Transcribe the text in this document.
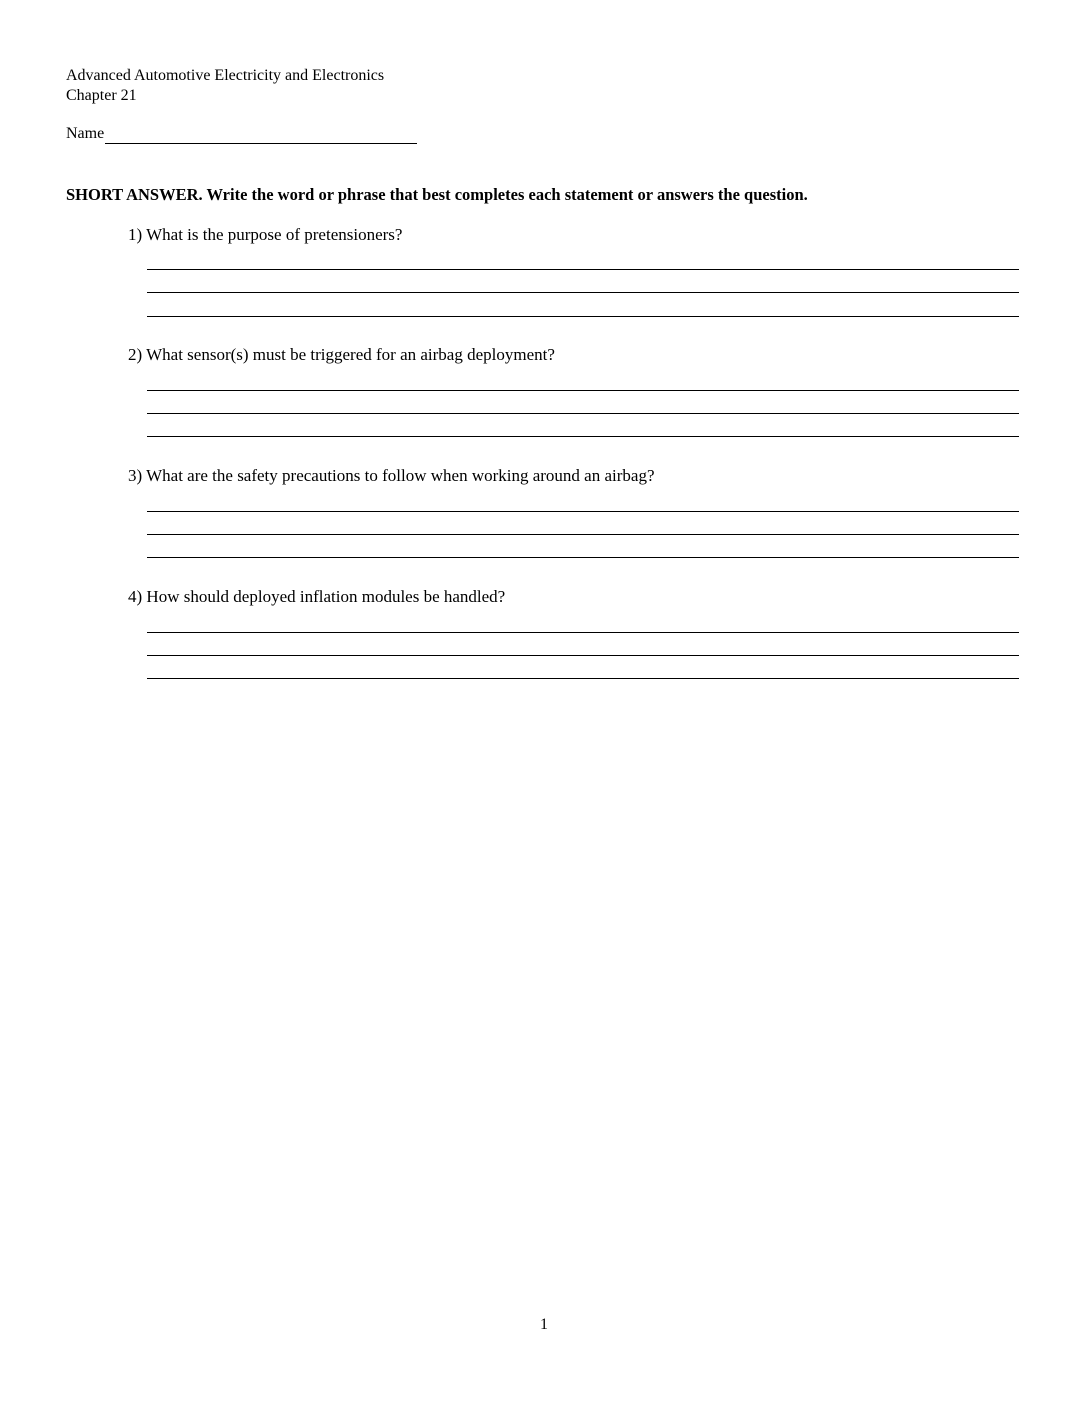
Advanced Automotive Electricity and Electronics
Chapter 21
Name
SHORT ANSWER. Write the word or phrase that best completes each statement or answers the question.
1) What is the purpose of pretensioners?
2) What sensor(s) must be triggered for an airbag deployment?
3) What are the safety precautions to follow when working around an airbag?
4) How should deployed inflation modules be handled?
1
